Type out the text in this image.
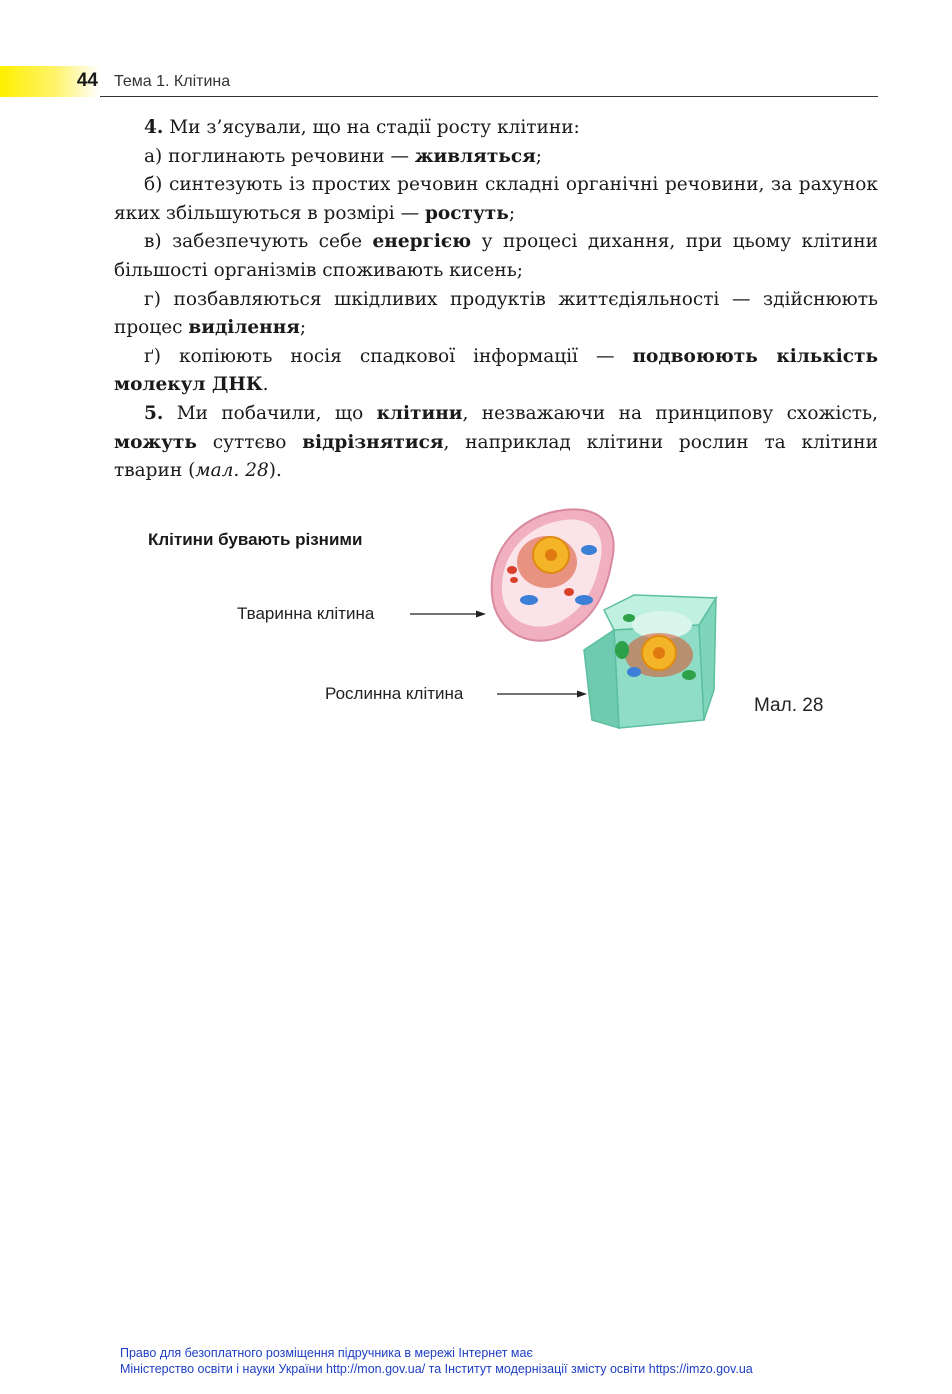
44 Тема 1. Клітина

4. Ми з’ясували, що на стадії росту клітини:

а) поглинають речовини — живляться;

б) синтезують із простих речовин складні органічні речовини, за рахунок яких збільшуються в розмірі — ростуть;

в) забезпечують себе енергією у процесі дихання, при цьому клітини більшості організмів споживають кисень;

г) позбавляються шкідливих продуктів життєдіяльності — здійснюють процес виділення;

ґ) копіюють носія спадкової інформації — подвоюють кількість молекул ДНК.

5. Ми побачили, що клітини, незважаючи на принципову схожість, можуть суттєво відрізнятися, наприклад клітини рослин та клітини тварин (мал. 28).

Клітини бувають різними
Тваринна клітина
Рослинна клітина
Мал. 28
Право для безоплатного розміщення підручника в мережі Інтернет має
Міністерство освіти і науки України http://mon.gov.ua/ та Інститут модернізації змісту освіти https://imzo.gov.ua
